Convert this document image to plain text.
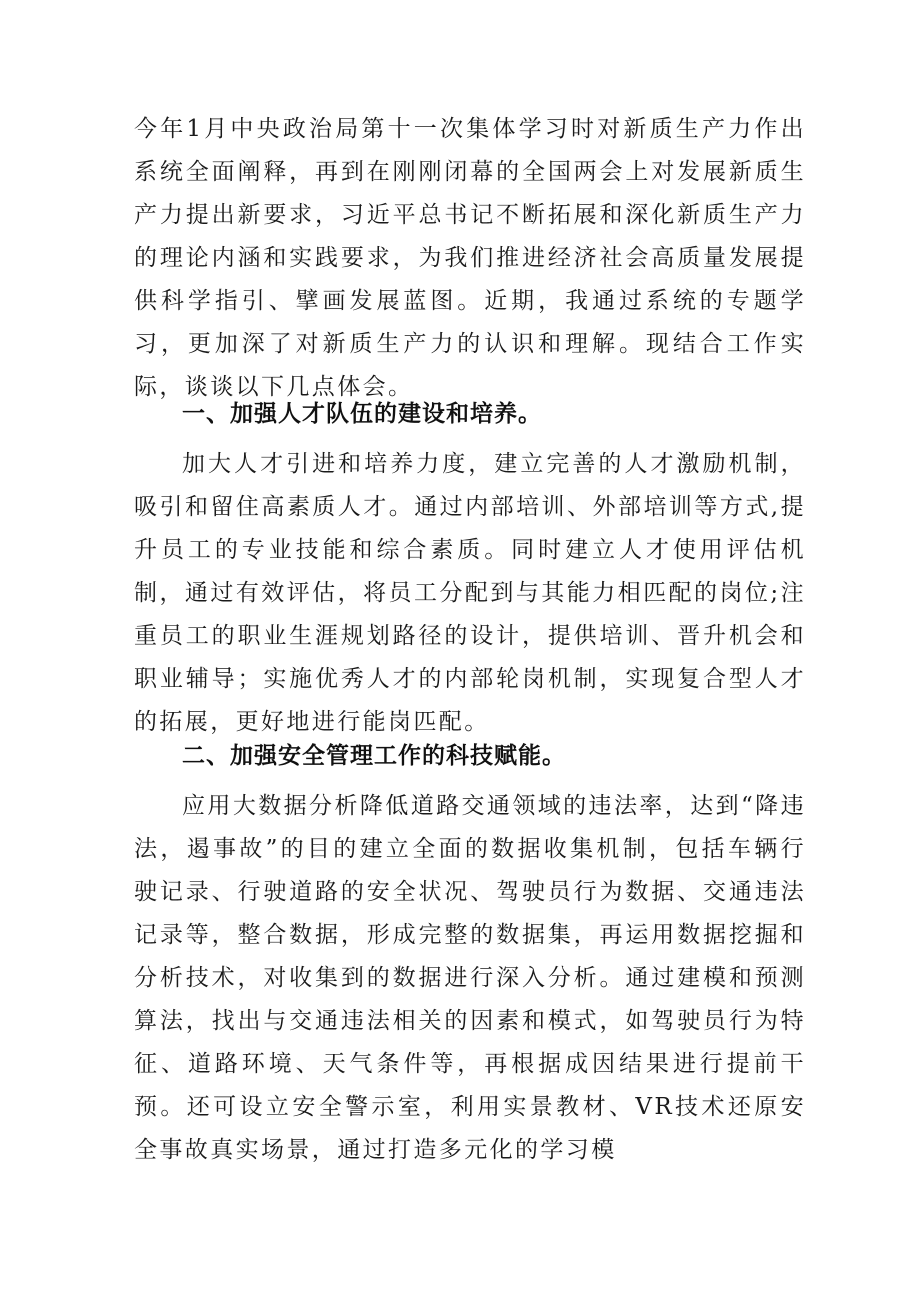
今年1月中央政治局第十一次集体学习时对新质生产力作出系统全面阐释，再到在刚刚闭幕的全国两会上对发展新质生产力提出新要求，习近平总书记不断拓展和深化新质生产力的理论内涵和实践要求，为我们推进经济社会高质量发展提供科学指引、擘画发展蓝图。近期，我通过系统的专题学习，更加深了对新质生产力的认识和理解。现结合工作实际，谈谈以下几点体会。

一、加强人才队伍的建设和培养。

加大人才引进和培养力度，建立完善的人才激励机制，吸引和留住高素质人才。通过内部培训、外部培训等方式,提升员工的专业技能和综合素质。同时建立人才使用评估机制，通过有效评估，将员工分配到与其能力相匹配的岗位;注重员工的职业生涯规划路径的设计，提供培训、晋升机会和职业辅导；实施优秀人才的内部轮岗机制，实现复合型人才的拓展，更好地进行能岗匹配。

二、加强安全管理工作的科技赋能。

应用大数据分析降低道路交通领域的违法率，达到“降违法，遏事故”的目的建立全面的数据收集机制，包括车辆行驶记录、行驶道路的安全状况、驾驶员行为数据、交通违法记录等，整合数据，形成完整的数据集，再运用数据挖掘和分析技术，对收集到的数据进行深入分析。通过建模和预测算法，找出与交通违法相关的因素和模式，如驾驶员行为特征、道路环境、天气条件等，再根据成因结果进行提前干预。还可设立安全警示室，利用实景教材、VR技术还原安全事故真实场景，通过打造多元化的学习模
